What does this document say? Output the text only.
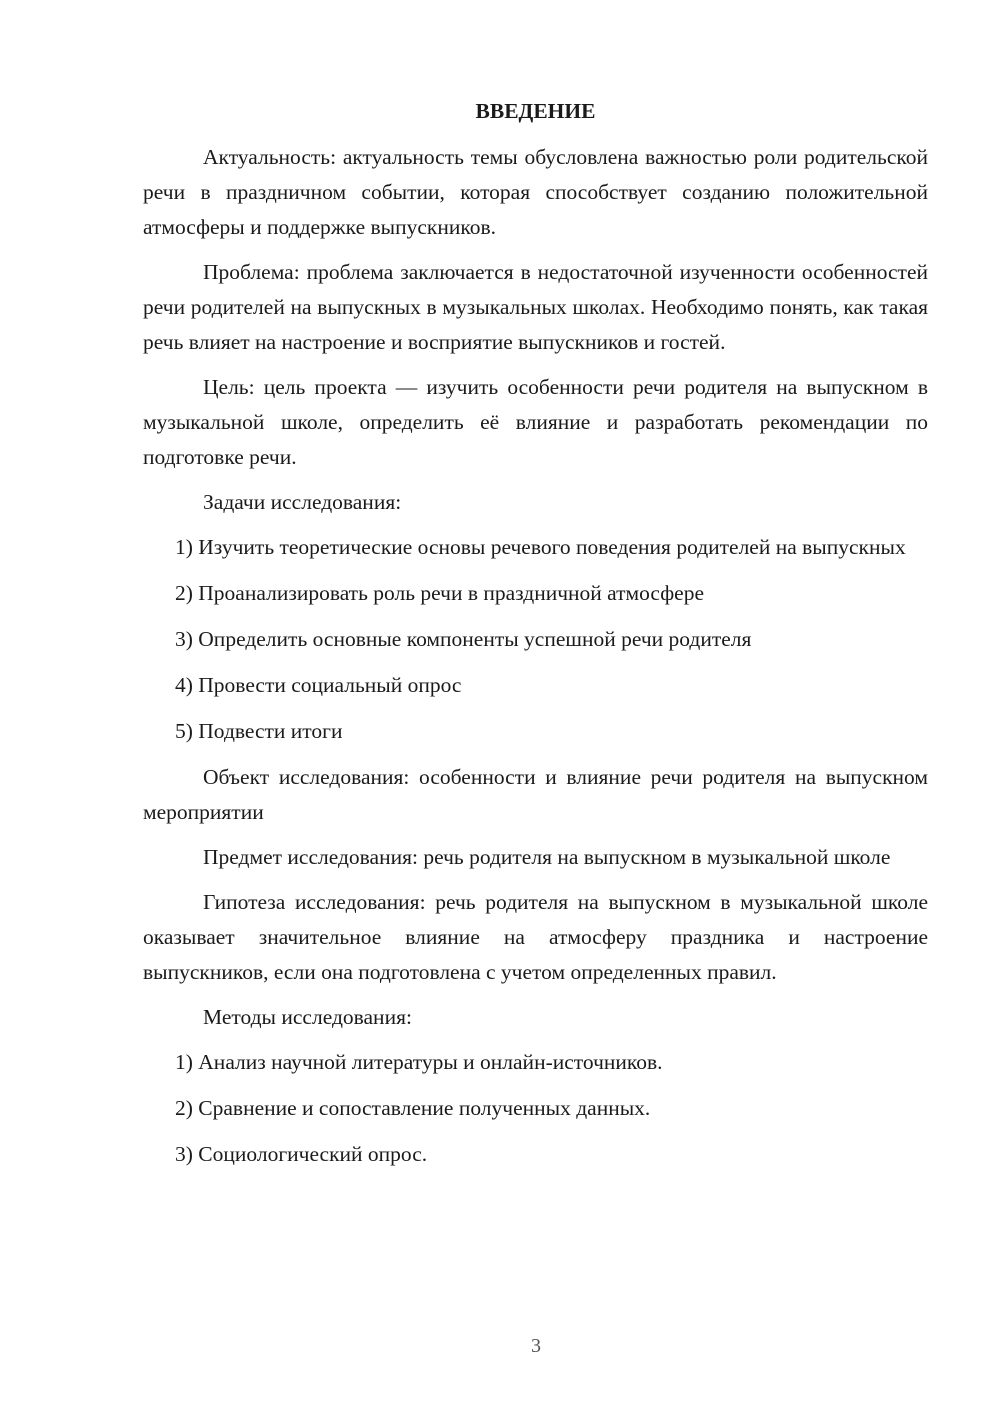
ВВЕДЕНИЕ

Актуальность: актуальность темы обусловлена важностью роли родительской речи в праздничном событии, которая способствует созданию положительной атмосферы и поддержке выпускников.

Проблема: проблема заключается в недостаточной изученности особенностей речи родителей на выпускных в музыкальных школах. Необходимо понять, как такая речь влияет на настроение и восприятие выпускников и гостей.

Цель: цель проекта — изучить особенности речи родителя на выпускном в музыкальной школе, определить её влияние и разработать рекомендации по подготовке речи.

Задачи исследования:

1) Изучить теоретические основы речевого поведения родителей на выпускных

2) Проанализировать роль речи в праздничной атмосфере

3) Определить основные компоненты успешной речи родителя

4) Провести социальный опрос

5) Подвести итоги

Объект исследования: особенности и влияние речи родителя на выпускном мероприятии

Предмет исследования: речь родителя на выпускном в музыкальной школе

Гипотеза исследования: речь родителя на выпускном в музыкальной школе оказывает значительное влияние на атмосферу праздника и настроение выпускников, если она подготовлена с учетом определенных правил.

Методы исследования:

1) Анализ научной литературы и онлайн-источников.

2) Сравнение и сопоставление полученных данных.

3) Социологический опрос.

3
